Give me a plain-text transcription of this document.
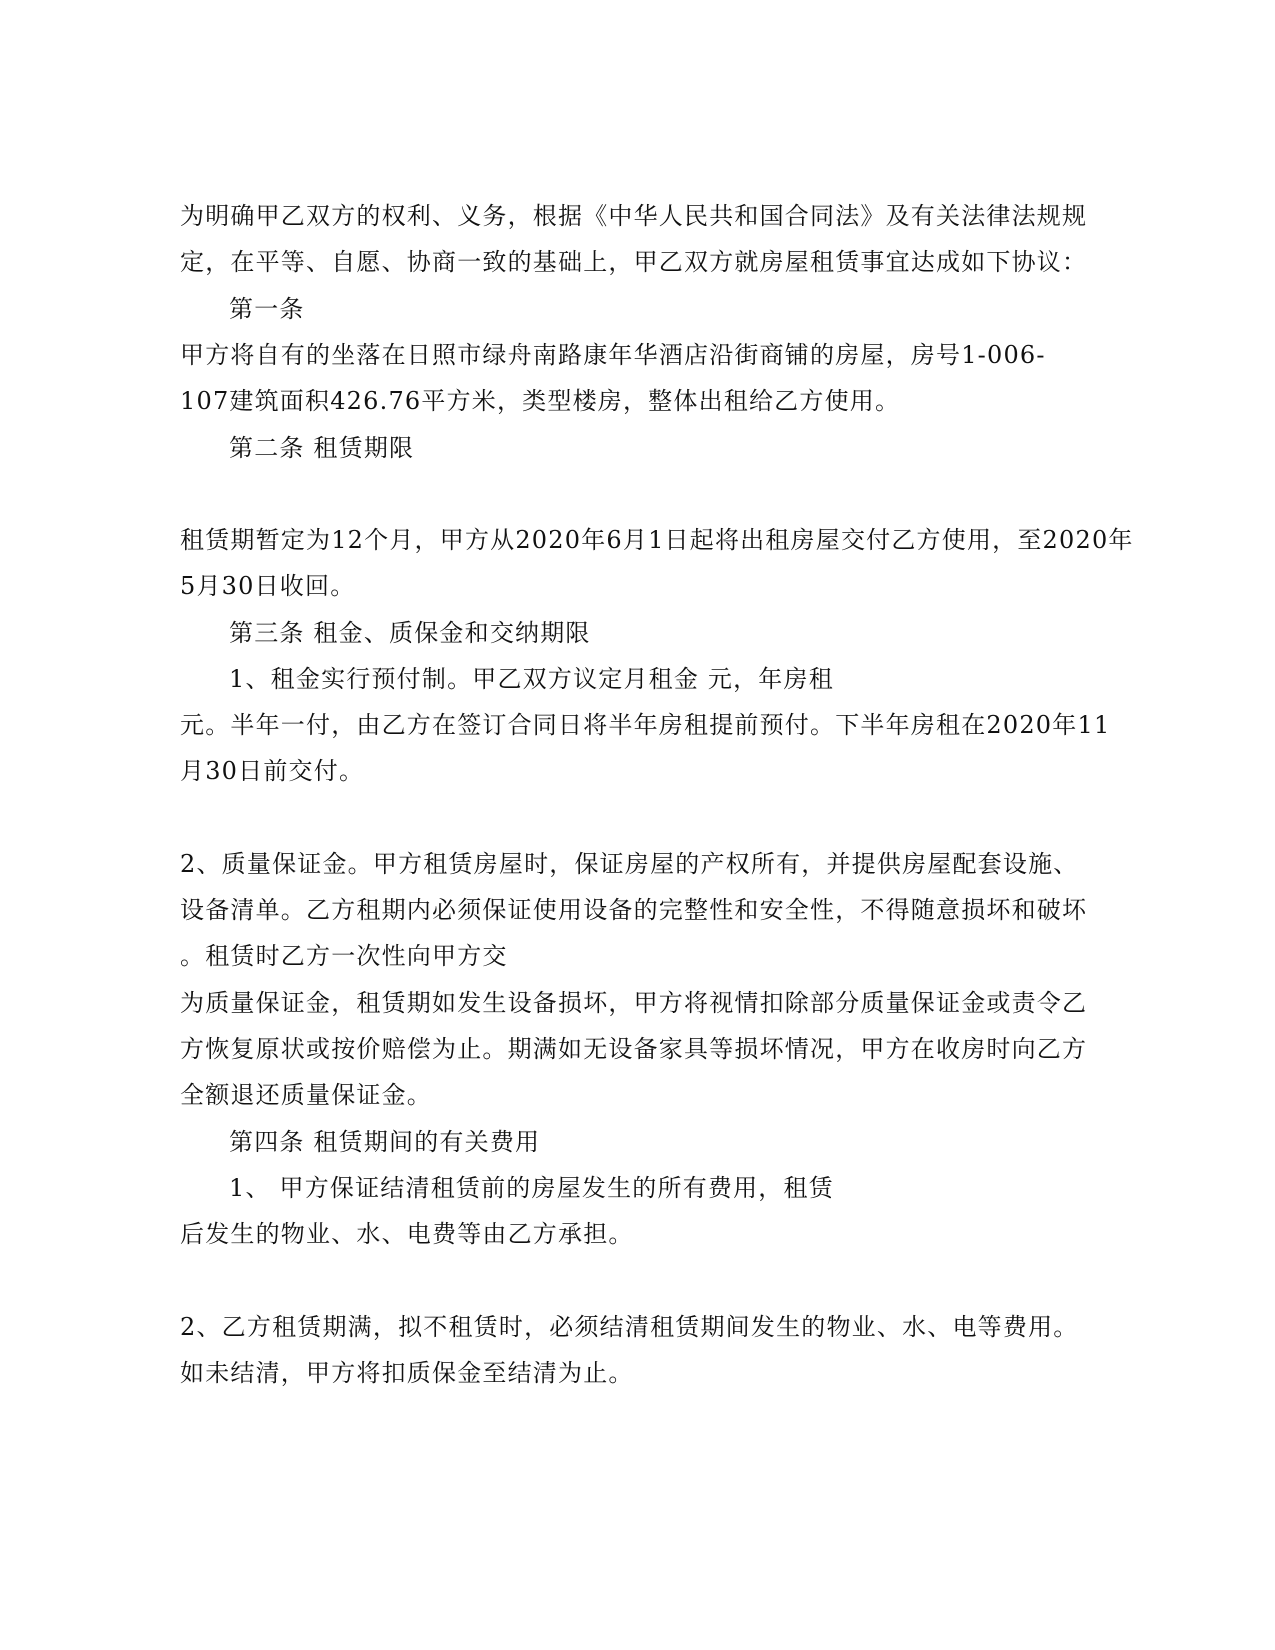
为明确甲乙双方的权利、义务，根据《中华人民共和国合同法》及有关法律法规规
定，在平等、自愿、协商一致的基础上，甲乙双方就房屋租赁事宜达成如下协议：
第一条
甲方将自有的坐落在日照市绿舟南路康年华酒店沿街商铺的房屋，房号1-006-
107建筑面积426.76平方米，类型楼房，整体出租给乙方使用。
第二条 租赁期限
租赁期暂定为12个月，甲方从2020年6月1日起将出租房屋交付乙方使用，至2020年
5月30日收回。
第三条 租金、质保金和交纳期限
1、租金实行预付制。甲乙双方议定月租金 元，年房租
元。半年一付，由乙方在签订合同日将半年房租提前预付。下半年房租在2020年11
月30日前交付。
2、质量保证金。甲方租赁房屋时，保证房屋的产权所有，并提供房屋配套设施、
设备清单。乙方租期内必须保证使用设备的完整性和安全性，不得随意损坏和破坏
。租赁时乙方一次性向甲方交
为质量保证金，租赁期如发生设备损坏，甲方将视情扣除部分质量保证金或责令乙
方恢复原状或按价赔偿为止。期满如无设备家具等损坏情况，甲方在收房时向乙方
全额退还质量保证金。
第四条 租赁期间的有关费用
1、 甲方保证结清租赁前的房屋发生的所有费用，租赁
后发生的物业、水、电费等由乙方承担。
2、乙方租赁期满，拟不租赁时，必须结清租赁期间发生的物业、水、电等费用。
如未结清，甲方将扣质保金至结清为止。
